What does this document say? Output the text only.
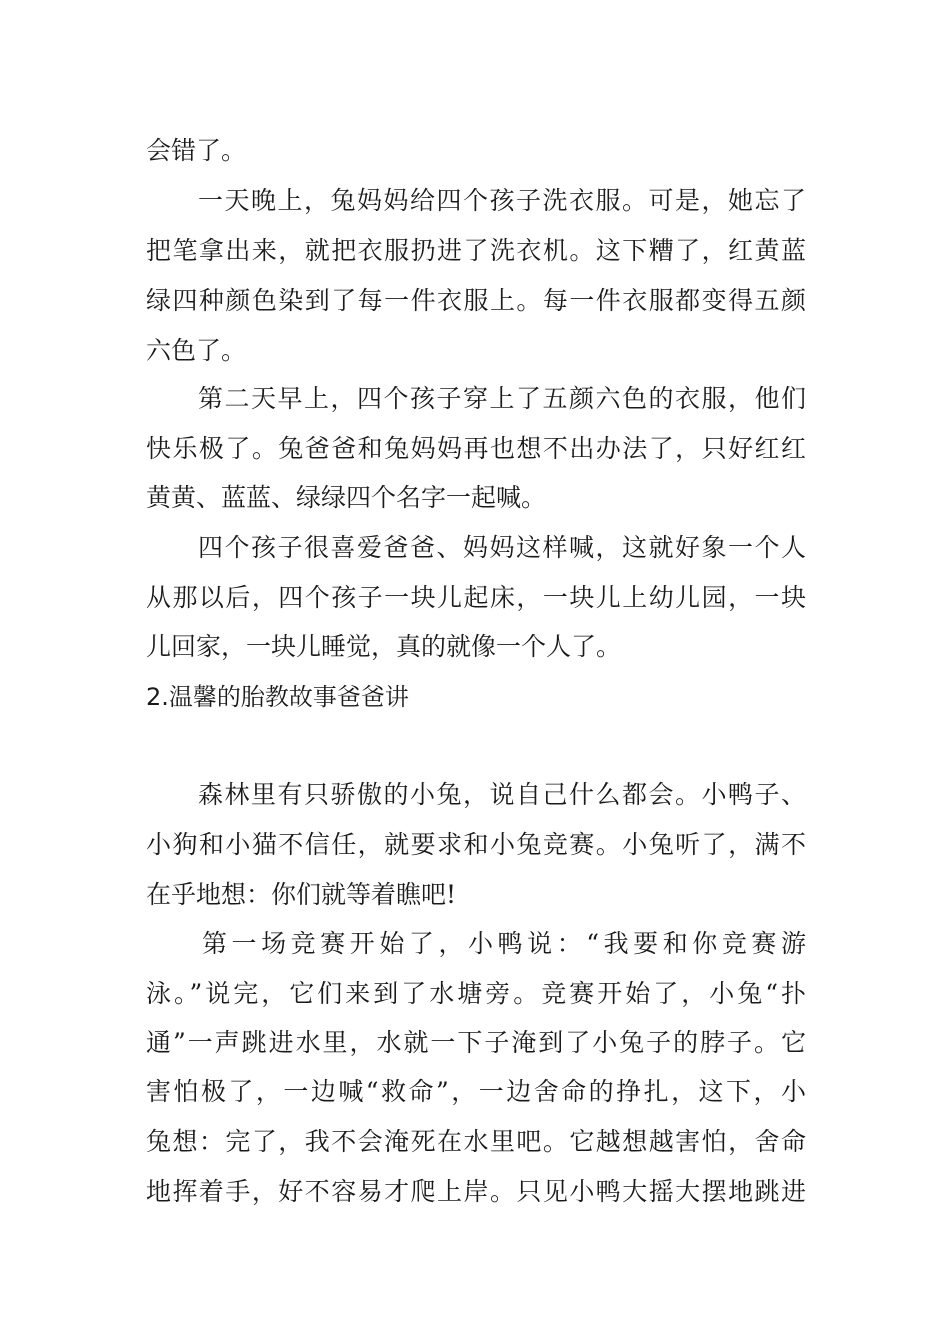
会错了。
一天晚上，兔妈妈给四个孩子洗衣服。可是，她忘了
把笔拿出来，就把衣服扔进了洗衣机。这下糟了，红黄蓝
绿四种颜色染到了每一件衣服上。每一件衣服都变得五颜
六色了。
第二天早上，四个孩子穿上了五颜六色的衣服，他们
快乐极了。兔爸爸和兔妈妈再也想不出办法了，只好红红
黄黄、蓝蓝、绿绿四个名字一起喊。
四个孩子很喜爱爸爸、妈妈这样喊，这就好象一个人
从那以后，四个孩子一块儿起床，一块儿上幼儿园，一块
儿回家，一块儿睡觉，真的就像一个人了。
2.温馨的胎教故事爸爸讲
森林里有只骄傲的小兔，说自己什么都会。小鸭子、
小狗和小猫不信任，就要求和小兔竞赛。小兔听了，满不
在乎地想：你们就等着瞧吧!
第一场竞赛开始了，小鸭说：“我要和你竞赛游
泳。”说完，它们来到了水塘旁。竞赛开始了，小兔“扑
通”一声跳进水里，水就一下子淹到了小兔子的脖子。它
害怕极了，一边喊“救命”，一边舍命的挣扎，这下，小
兔想：完了，我不会淹死在水里吧。它越想越害怕，舍命
地挥着手，好不容易才爬上岸。只见小鸭大摇大摆地跳进
